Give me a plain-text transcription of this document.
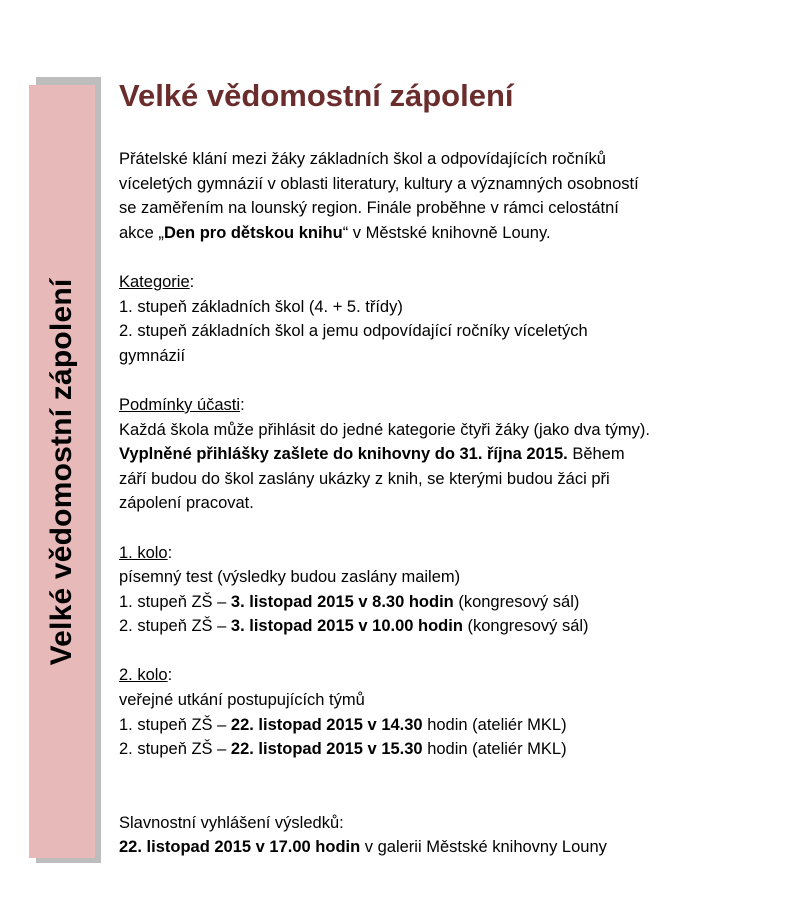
Velké vědomostní zápolení
Velké vědomostní zápolení

Přátelské klání mezi žáky základních škol a odpovídajících ročníků

víceletých gymnázií v oblasti literatury, kultury a významných osobností

se zaměřením na lounský region. Finále proběhne v rámci celostátní

akce „Den pro dětskou knihu“ v Městské knihovně Louny.

Kategorie:

1. stupeň základních škol (4. + 5. třídy)

2. stupeň základních škol a jemu odpovídající ročníky víceletých

gymnázií

Podmínky účasti:

Každá škola může přihlásit do jedné kategorie čtyři žáky (jako dva týmy).

Vyplněné přihlášky zašlete do knihovny do 31. října 2015. Během

září budou do škol zaslány ukázky z knih, se kterými budou žáci při

zápolení pracovat.

1. kolo:

písemný test (výsledky budou zaslány mailem)

1. stupeň ZŠ – 3. listopad 2015 v 8.30 hodin (kongresový sál)

2. stupeň ZŠ – 3. listopad 2015 v 10.00 hodin (kongresový sál)

2. kolo:

veřejné utkání postupujících týmů

1. stupeň ZŠ – 22. listopad 2015 v 14.30 hodin (ateliér MKL)

2. stupeň ZŠ – 22. listopad 2015 v 15.30 hodin (ateliér MKL)

Slavnostní vyhlášení výsledků:

22. listopad 2015 v 17.00 hodin v galerii Městské knihovny Louny
